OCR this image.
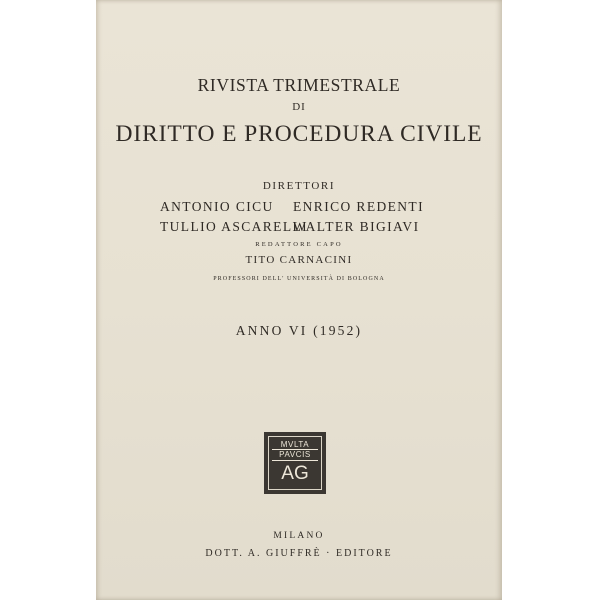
RIVISTA TRIMESTRALE
DI
DIRITTO E PROCEDURA CIVILE
DIRETTORI
ANTONIO CICU ENRICO REDENTI
TULLIO ASCARELLIWALTER BIGIAVI
REDATTORE CAPO
TITO CARNACINI
PROFESSORI DELL' UNIVERSITÀ DI BOLOGNA
ANNO VI (1952)
MVLTA
PAVCIS
AG
MILANO
DOTT. A. GIUFFRÈ · EDITORE
